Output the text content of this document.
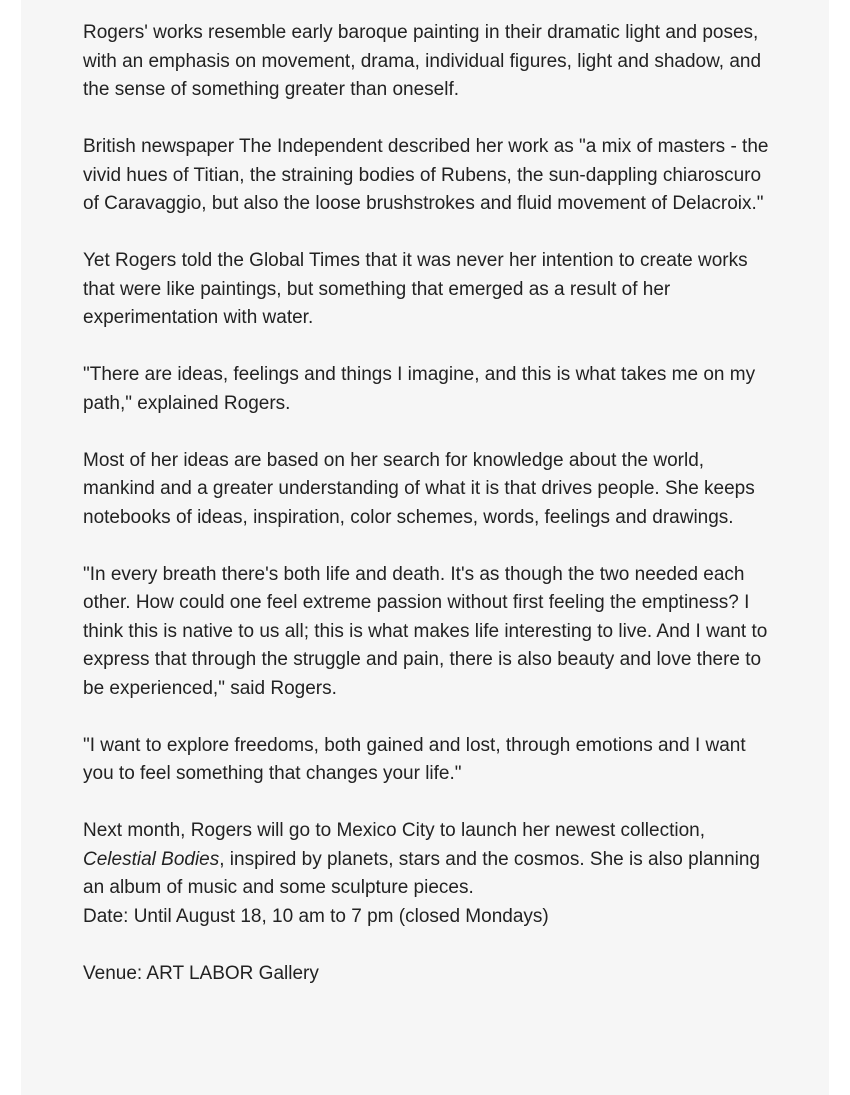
Rogers' works resemble early baroque painting in their dramatic light and poses, with an emphasis on movement, drama, individual figures, light and shadow, and the sense of something greater than oneself.

British newspaper The Independent described her work as "a mix of masters - the vivid hues of Titian, the straining bodies of Rubens, the sun-dappling chiaroscuro of Caravaggio, but also the loose brushstrokes and fluid movement of Delacroix."

Yet Rogers told the Global Times that it was never her intention to create works that were like paintings, but something that emerged as a result of her experimentation with water.

"There are ideas, feelings and things I imagine, and this is what takes me on my path," explained Rogers.

Most of her ideas are based on her search for knowledge about the world, mankind and a greater understanding of what it is that drives people. She keeps notebooks of ideas, inspiration, color schemes, words, feelings and drawings.

"In every breath there's both life and death. It's as though the two needed each other. How could one feel extreme passion without first feeling the emptiness? I think this is native to us all; this is what makes life interesting to live. And I want to express that through the struggle and pain, there is also beauty and love there to be experienced," said Rogers.

"I want to explore freedoms, both gained and lost, through emotions and I want you to feel something that changes your life."

Next month, Rogers will go to Mexico City to launch her newest collection, Celestial Bodies, inspired by planets, stars and the cosmos. She is also planning an album of music and some sculpture pieces.

Date: Until August 18, 10 am to 7 pm (closed Mondays)

Venue: ART LABOR Gallery
